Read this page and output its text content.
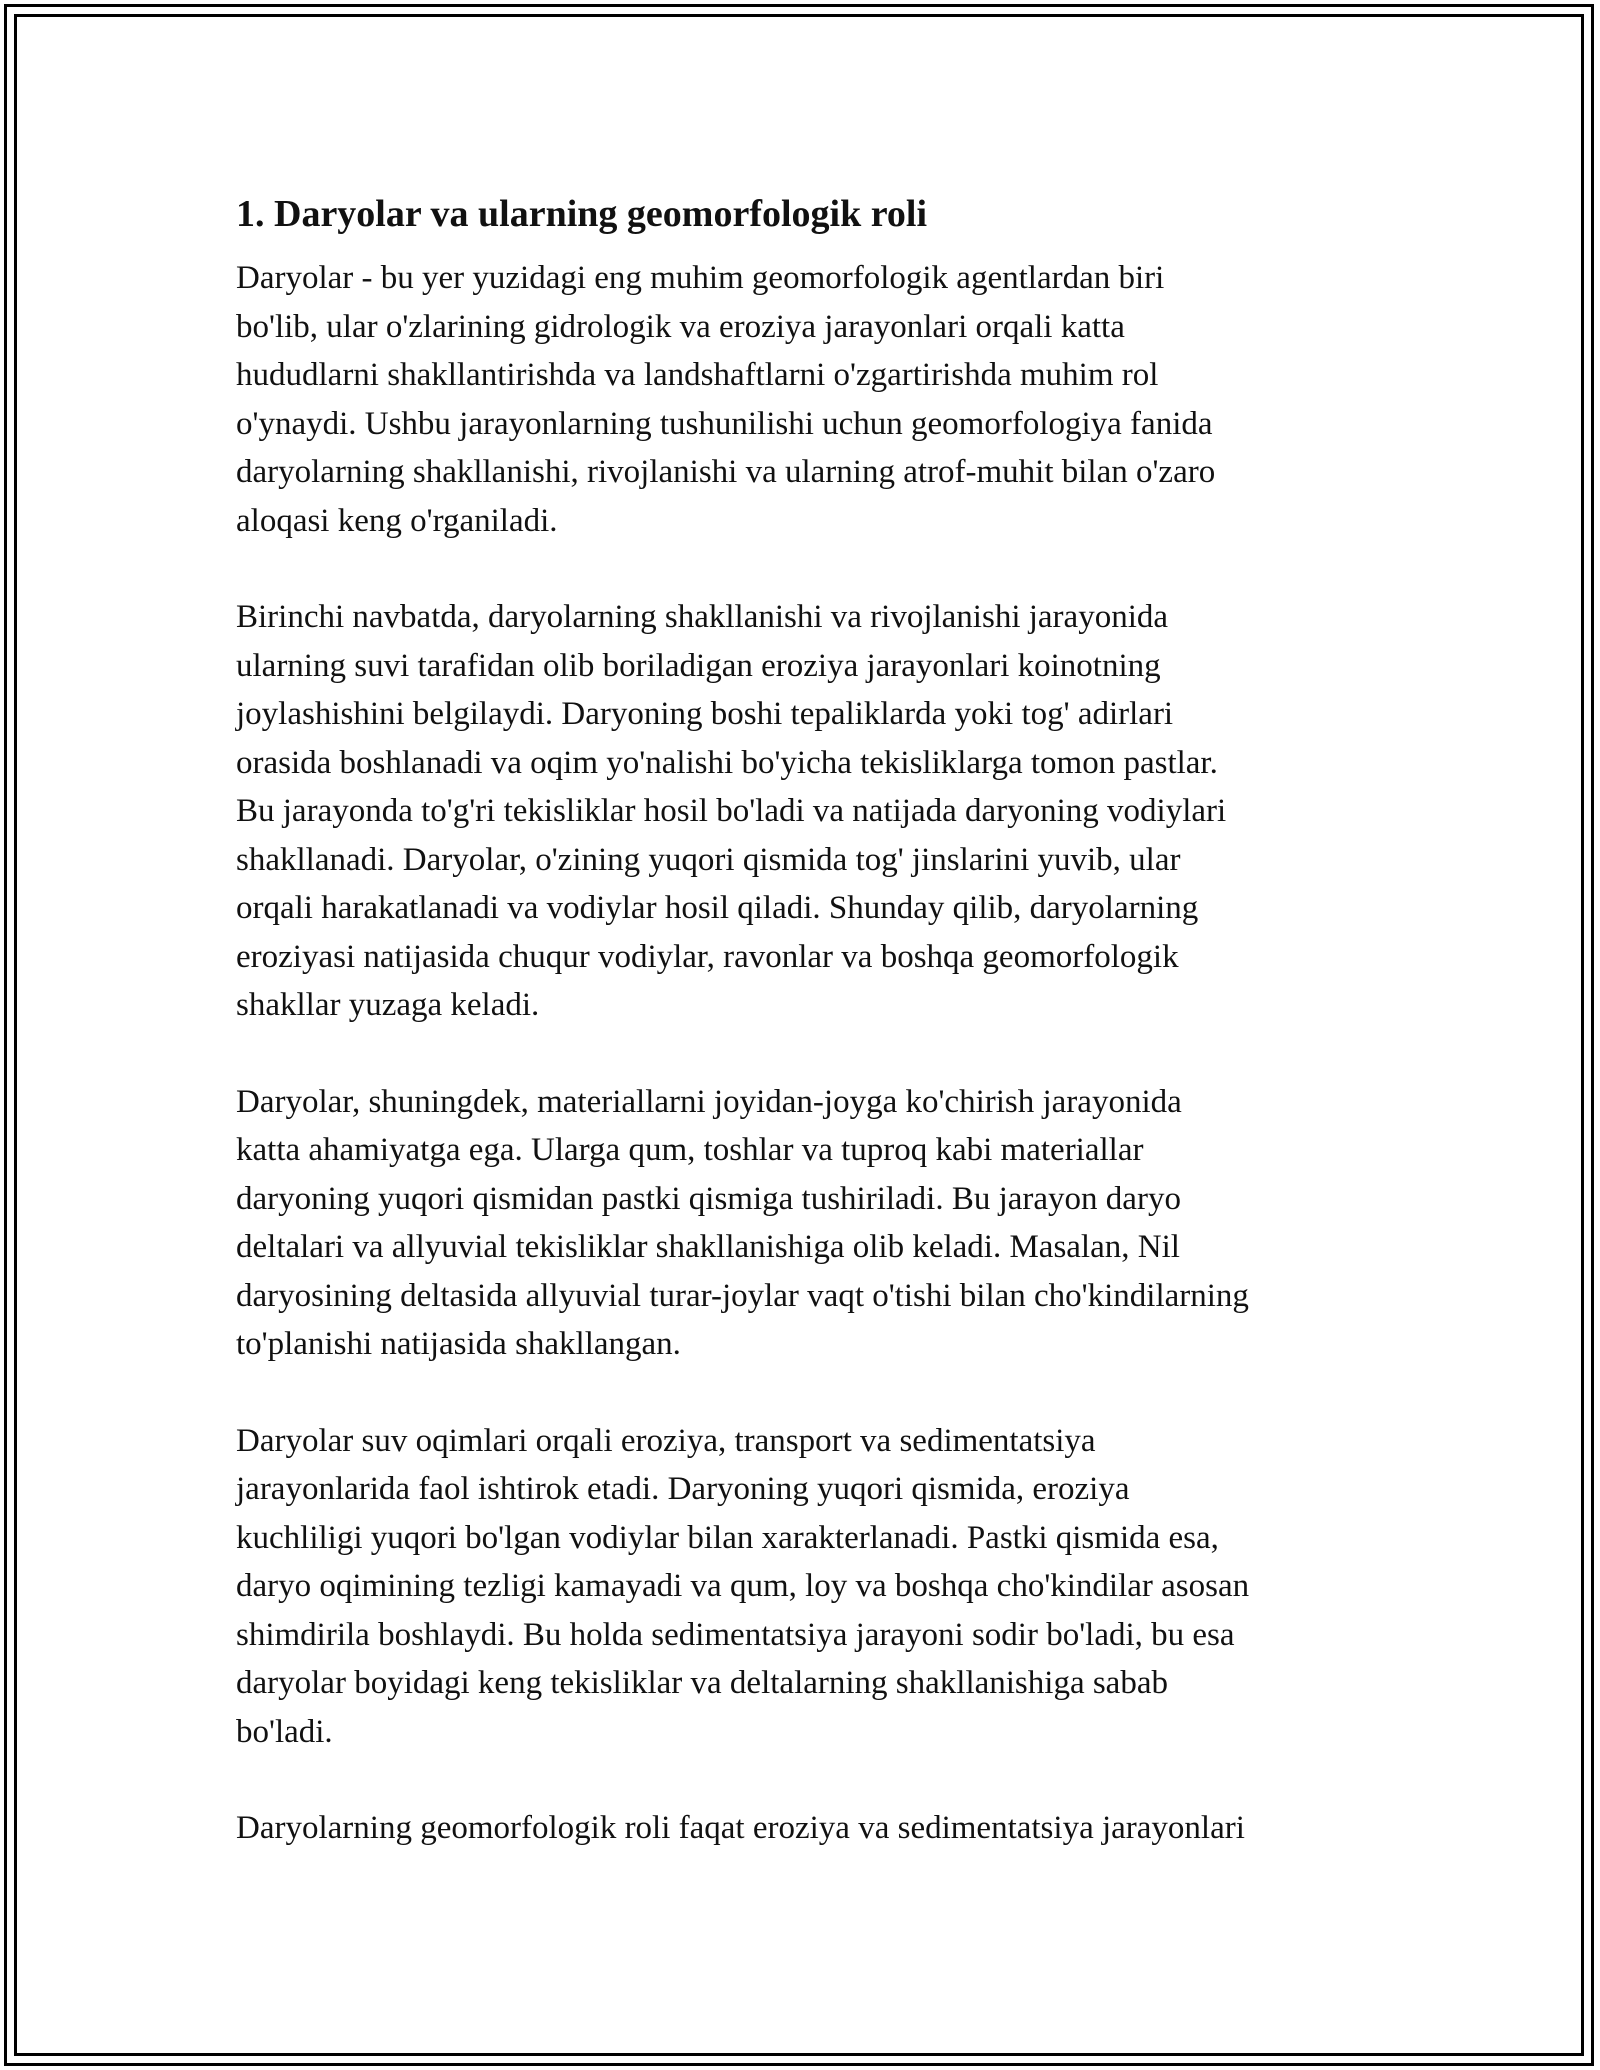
1. Daryolar va ularning geomorfologik roli

Daryolar - bu yer yuzidagi eng muhim geomorfologik agentlardan biri
bo'lib, ular o'zlarining gidrologik va eroziya jarayonlari orqali katta
hududlarni shakllantirishda va landshaftlarni o'zgartirishda muhim rol
o'ynaydi. Ushbu jarayonlarning tushunilishi uchun geomorfologiya fanida
daryolarning shakllanishi, rivojlanishi va ularning atrof-muhit bilan o'zaro
aloqasi keng o'rganiladi.

Birinchi navbatda, daryolarning shakllanishi va rivojlanishi jarayonida
ularning suvi tarafidan olib boriladigan eroziya jarayonlari koinotning
joylashishini belgilaydi. Daryoning boshi tepaliklarda yoki tog' adirlari
orasida boshlanadi va oqim yo'nalishi bo'yicha tekisliklarga tomon pastlar.
Bu jarayonda to'g'ri tekisliklar hosil bo'ladi va natijada daryoning vodiylari
shakllanadi. Daryolar, o'zining yuqori qismida tog' jinslarini yuvib, ular
orqali harakatlanadi va vodiylar hosil qiladi. Shunday qilib, daryolarning
eroziyasi natijasida chuqur vodiylar, ravonlar va boshqa geomorfologik
shakllar yuzaga keladi.

Daryolar, shuningdek, materiallarni joyidan-joyga ko'chirish jarayonida
katta ahamiyatga ega. Ularga qum, toshlar va tuproq kabi materiallar
daryoning yuqori qismidan pastki qismiga tushiriladi. Bu jarayon daryo
deltalari va allyuvial tekisliklar shakllanishiga olib keladi. Masalan, Nil
daryosining deltasida allyuvial turar-joylar vaqt o'tishi bilan cho'kindilarning
to'planishi natijasida shakllangan.

Daryolar suv oqimlari orqali eroziya, transport va sedimentatsiya
jarayonlarida faol ishtirok etadi. Daryoning yuqori qismida, eroziya
kuchliligi yuqori bo'lgan vodiylar bilan xarakterlanadi. Pastki qismida esa,
daryo oqimining tezligi kamayadi va qum, loy va boshqa cho'kindilar asosan
shimdirila boshlaydi. Bu holda sedimentatsiya jarayoni sodir bo'ladi, bu esa
daryolar boyidagi keng tekisliklar va deltalarning shakllanishiga sabab
bo'ladi.

Daryolarning geomorfologik roli faqat eroziya va sedimentatsiya jarayonlari
